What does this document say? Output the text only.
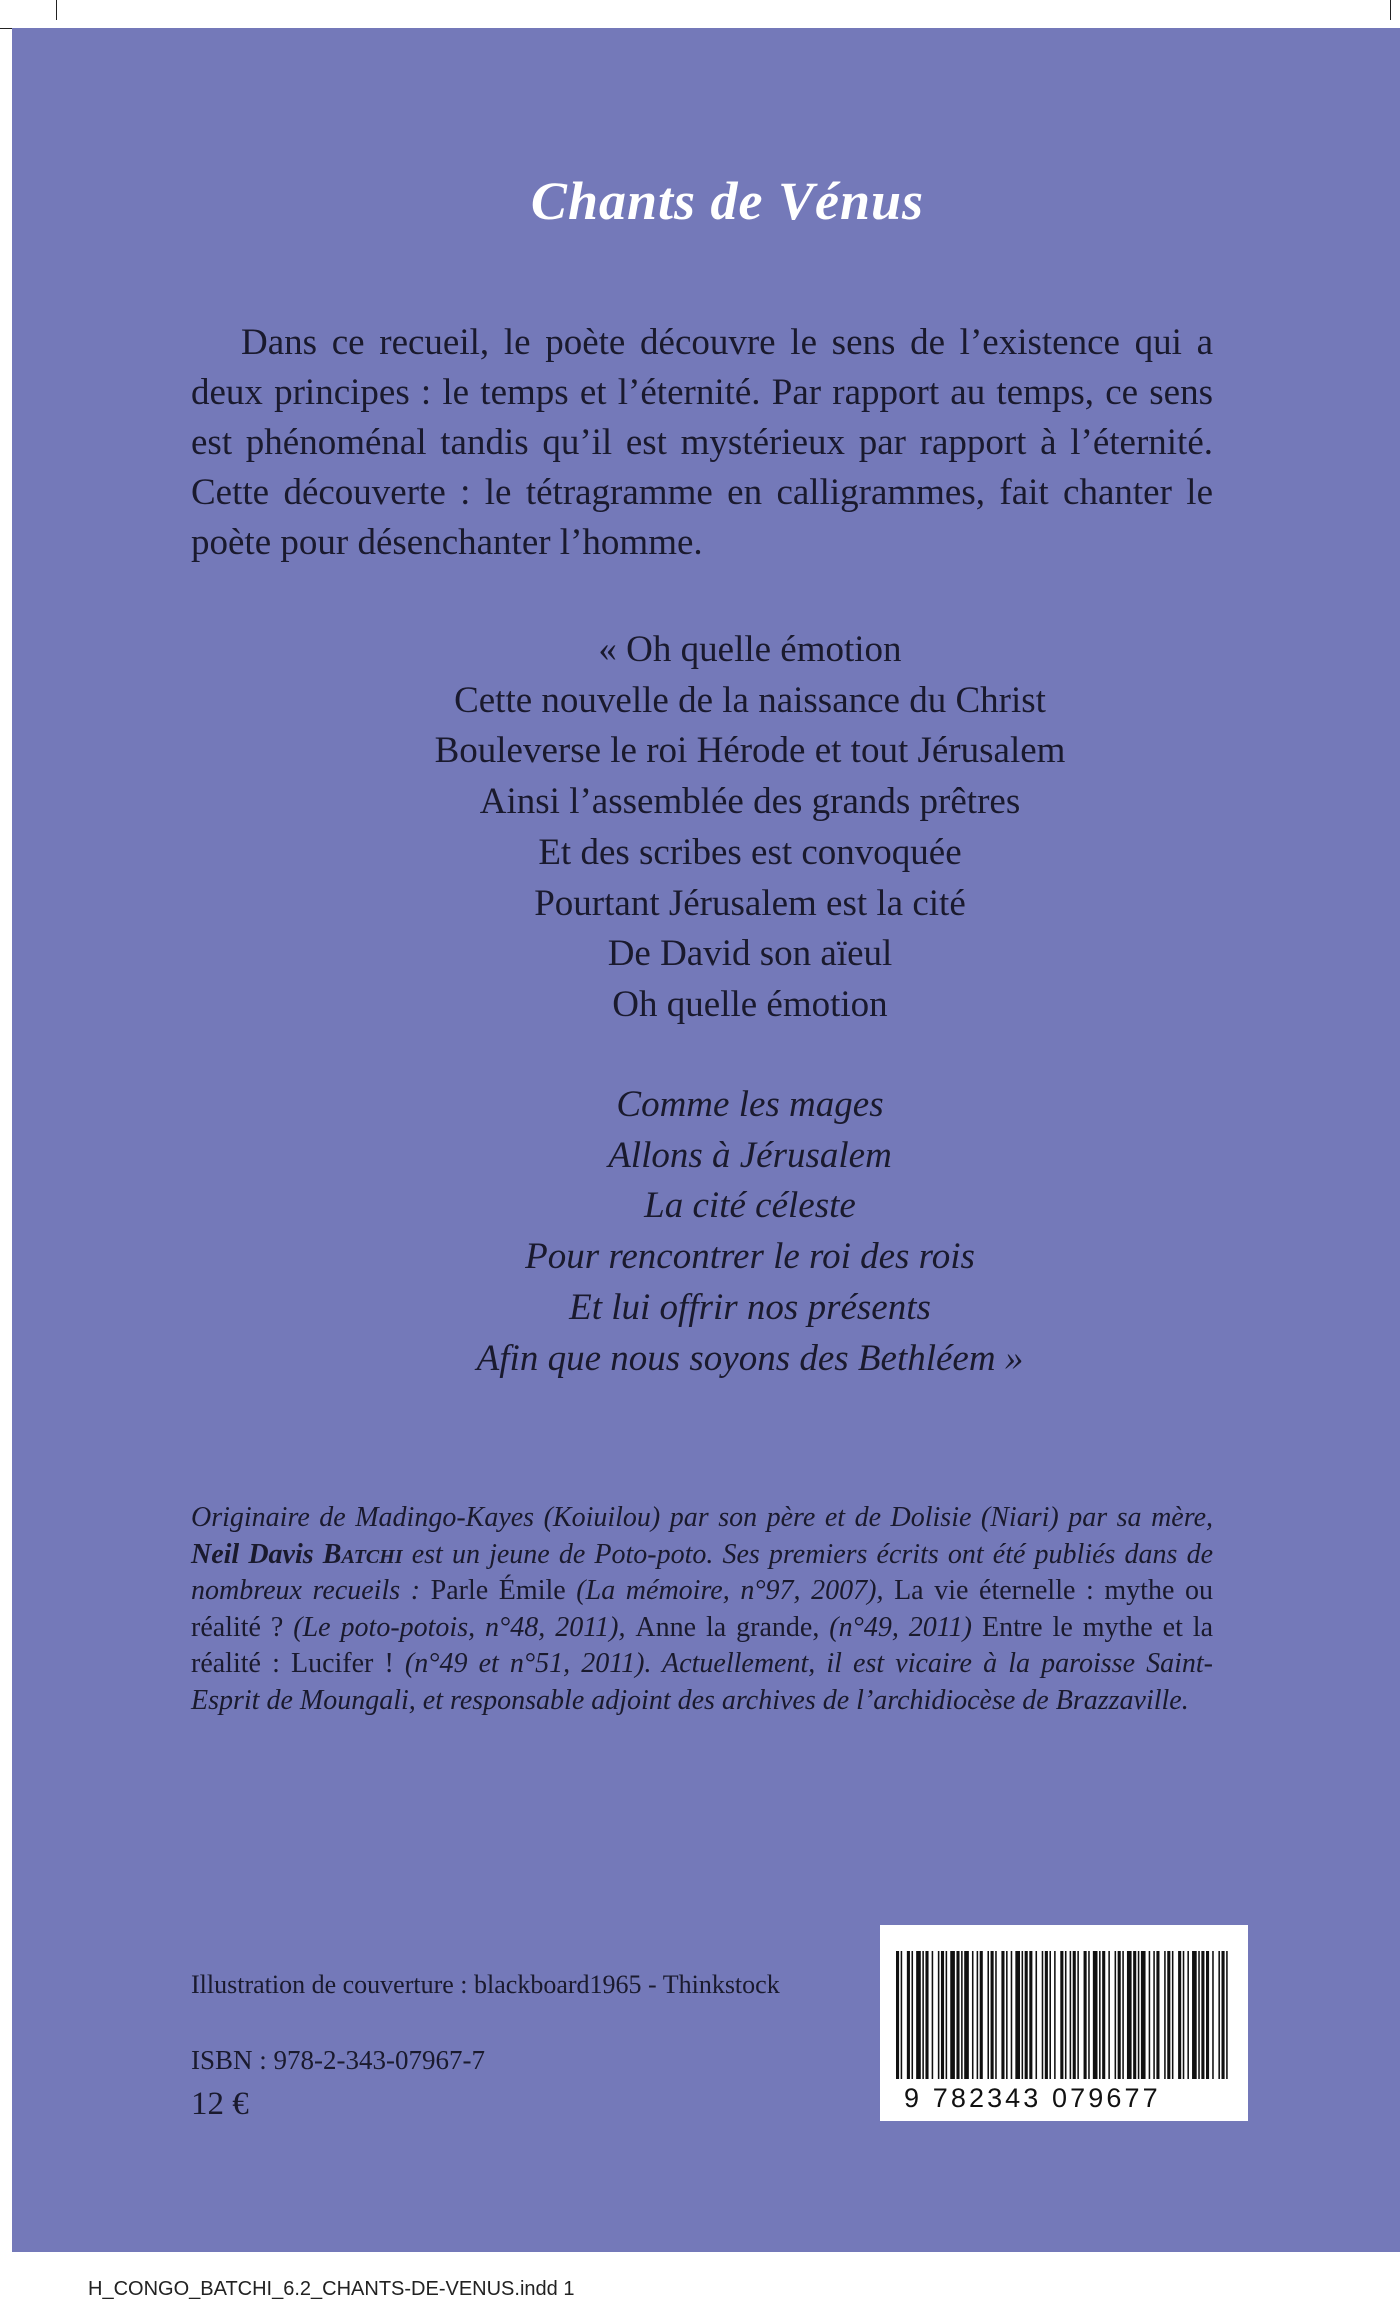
Chants de Vénus

Dans ce recueil, le poète découvre le sens de l’existence qui a deux principes : le temps et l’éternité. Par rapport au temps, ce sens est phénoménal tandis qu’il est mystérieux par rapport à l’éternité. Cette découverte : le tétragramme en calligrammes, fait chanter le poète pour désenchanter l’homme.

« Oh quelle émotion
Cette nouvelle de la naissance du Christ
Bouleverse le roi Hérode et tout Jérusalem
Ainsi l’assemblée des grands prêtres
Et des scribes est convoquée
Pourtant Jérusalem est la cité
De David son aïeul
Oh quelle émotion
Comme les mages
Allons à Jérusalem
La cité céleste
Pour rencontrer le roi des rois
Et lui offrir nos présents
Afin que nous soyons des Bethléem »

Originaire de Madingo-Kayes (Koiuilou) par son père et de Dolisie (Niari) par sa mère, Neil Davis Batchi est un jeune de Poto-poto. Ses premiers écrits ont été publiés dans de nombreux recueils : Parle Émile (La mémoire, n°97, 2007), La vie éternelle : mythe ou réalité ? (Le poto-potois, n°48, 2011), Anne la grande, (n°49, 2011) Entre le mythe et la réalité : Lucifer ! (n°49 et n°51, 2011). Actuellement, il est vicaire à la paroisse Saint-Esprit de Moungali, et responsable adjoint des archives de l’archidiocèse de Brazzaville.

Illustration de couverture : blackboard1965 - Thinkstock
ISBN : 978-2-343-07967-7
12 €	9 782343 079677
H_CONGO_BATCHI_6.2_CHANTS-DE-VENUS.indd 1
